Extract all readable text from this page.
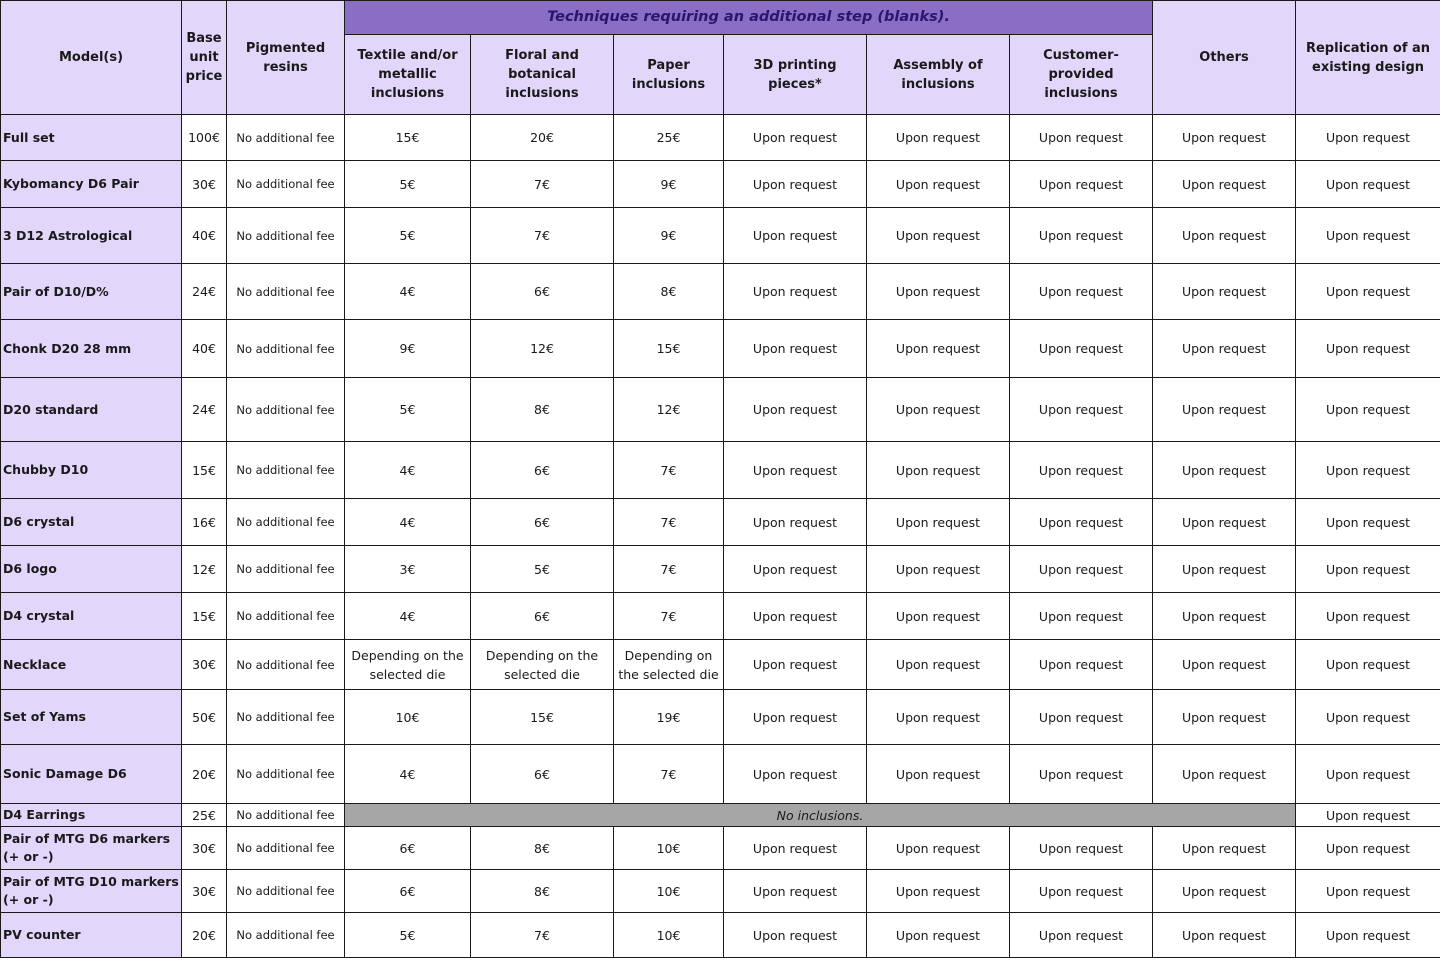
Model(s)	Base unit price	Pigmented resins	Techniques requiring an additional step (blanks).						Others	Replication of an existing design
			Textile and/or metallic inclusions	Floral and botanical inclusions	Paper inclusions	3D printing pieces*	Assembly of inclusions	Customer-provided inclusions		
Full set	100€	No additional fee	15€	20€	25€	Upon request	Upon request	Upon request	Upon request	Upon request
Kybomancy D6 Pair	30€	No additional fee	5€	7€	9€	Upon request	Upon request	Upon request	Upon request	Upon request
3 D12 Astrological	40€	No additional fee	5€	7€	9€	Upon request	Upon request	Upon request	Upon request	Upon request
Pair of D10/D%	24€	No additional fee	4€	6€	8€	Upon request	Upon request	Upon request	Upon request	Upon request
Chonk D20 28 mm	40€	No additional fee	9€	12€	15€	Upon request	Upon request	Upon request	Upon request	Upon request
D20 standard	24€	No additional fee	5€	8€	12€	Upon request	Upon request	Upon request	Upon request	Upon request
Chubby D10	15€	No additional fee	4€	6€	7€	Upon request	Upon request	Upon request	Upon request	Upon request
D6 crystal	16€	No additional fee	4€	6€	7€	Upon request	Upon request	Upon request	Upon request	Upon request
D6 logo	12€	No additional fee	3€	5€	7€	Upon request	Upon request	Upon request	Upon request	Upon request
D4 crystal	15€	No additional fee	4€	6€	7€	Upon request	Upon request	Upon request	Upon request	Upon request
Necklace	30€	No additional fee	Depending on the selected die	Depending on the selected die	Depending on the selected die	Upon request	Upon request	Upon request	Upon request	Upon request
Set of Yams	50€	No additional fee	10€	15€	19€	Upon request	Upon request	Upon request	Upon request	Upon request
Sonic Damage D6	20€	No additional fee	4€	6€	7€	Upon request	Upon request	Upon request	Upon request	Upon request
D4 Earrings	25€	No additional fee	No inclusions.							Upon request
Pair of MTG D6 markers (+ or -)	30€	No additional fee	6€	8€	10€	Upon request	Upon request	Upon request	Upon request	Upon request
Pair of MTG D10 markers (+ or -)	30€	No additional fee	6€	8€	10€	Upon request	Upon request	Upon request	Upon request	Upon request
PV counter	20€	No additional fee	5€	7€	10€	Upon request	Upon request	Upon request	Upon request	Upon request
